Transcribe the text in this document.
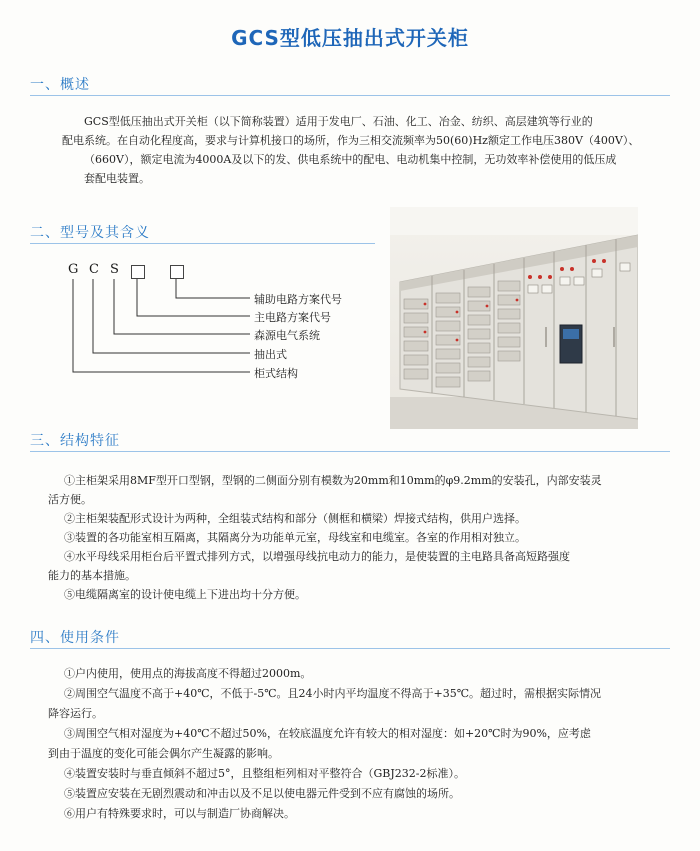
GCS型低压抽出式开关柜
一、概述

GCS型低压抽出式开关柜（以下简称装置）适用于发电厂、石油、化工、冶金、纺织、高层建筑等行业的

配电系统。在自动化程度高，要求与计算机接口的场所，作为三相交流频率为50(60)Hz额定工作电压380V（400V）、

（660V），额定电流为4000A及以下的发、供电系统中的配电、电动机集中控制，无功效率补偿使用的低压成

套配电装置。

二、型号及其含义
G C S
辅助电路方案代号
主电路方案代号
森源电气系统
抽出式
柜式结构
三、结构特征

①主柜架采用8MF型开口型钢，型钢的二侧面分别有模数为20mm和10mm的φ9.2mm的安装孔，内部安装灵

活方便。

②主柜架装配形式设计为两种，全组装式结构和部分（侧框和横梁）焊接式结构，供用户选择。

③装置的各功能室相互隔离，其隔离分为功能单元室，母线室和电缆室。各室的作用相对独立。

④水平母线采用柜台后平置式排列方式，以增强母线抗电动力的能力，是使装置的主电路具备高短路强度

能力的基本措施。

⑤电缆隔离室的设计使电缆上下进出均十分方便。

四、使用条件

①户内使用，使用点的海拔高度不得超过2000m。

②周围空气温度不高于+40℃，不低于-5℃。且24小时内平均温度不得高于+35℃。超过时，需根据实际情况

降容运行。

③周围空气相对湿度为+40℃不超过50%，在较底温度允许有较大的相对湿度：如+20℃时为90%，应考虑

到由于温度的变化可能会偶尔产生凝露的影响。

④装置安装时与垂直倾斜不超过5°，且整组柜列相对平整符合（GBJ232-2标准）。

⑤装置应安装在无剧烈震动和冲击以及不足以使电器元件受到不应有腐蚀的场所。

⑥用户有特殊要求时，可以与制造厂协商解决。
